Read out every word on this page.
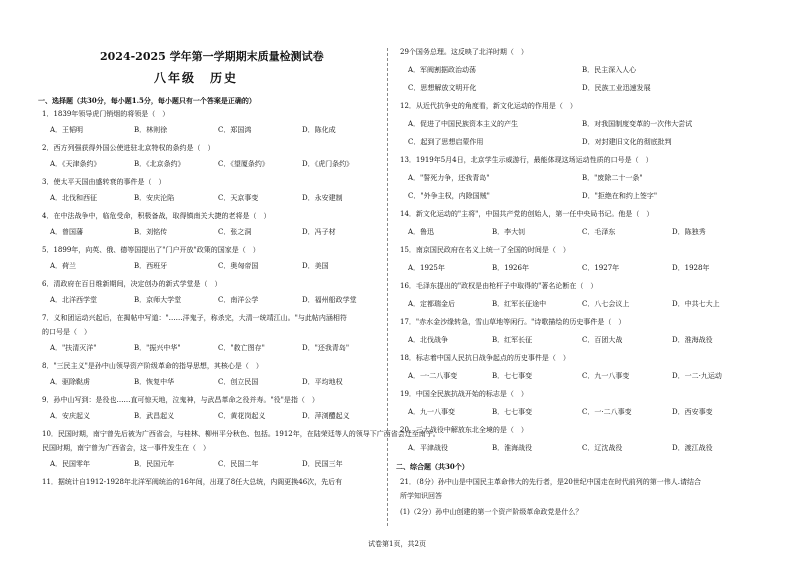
2024-2025 学年第一学期期末质量检测试卷
八年级　历史
一、选择题（共30分，每小题1.5分，每小题只有一个答案是正确的）
1．1839年领导虎门销烟的将领是（　）
A．王韬明	B．林则徐	C．郑国鸿	D．陈化成
2．西方列强获得外国公使进驻北京特权的条约是（　）
A．《天津条约》	B．《北京条约》	C．《望厦条约》	D．《虎门条约》
3．使太平天国由盛转衰的事件是（　）
A．北伐和西征	B．安庆沦陷	C．天京事变	D．永安建制
4．在中法战争中，临危受命，积极备战，取得镇南关大捷的老将是（　）
A．曾国藩	B．刘铭传	C．张之洞	D．冯子材
5．1899年，向英、俄、德等国提出了"门户开放"政策的国家是（　）
A．荷兰	B．西班牙	C．奥匈帝国	D．美国
6．清政府在百日维新期间，决定创办的新式学堂是（　）
A．北洋西学堂	B．京师大学堂	C．南洋公学	D．福州船政学堂
7．义和团运动兴起后，在揭帖中写道："……洋鬼子，称杀完，大清一统靖江山。"与此帖内涵相符
的口号是（　）
A．"扶清灭洋"	B．"振兴中华"	C．"救亡图存"	D．"还我青岛"
8．"三民主义"是孙中山领导资产阶级革命的指导思想，其核心是（　）
A．驱除鞑虏	B．恢复中华	C．创立民国	D．平均地权
9．孙中山写到：是役也……直可惊天地，泣鬼神，与武昌革命之役并寿。"役"是指（　）
A．安庆起义	B．武昌起义	C．黄花岗起义	D．萍浏醴起义
10．民国时期，南宁曾先后被为广西省会，与桂林、柳州平分秋色、包括。1912年，在陆荣廷等人的领导下广西省会迁至南宁。
民国时期，南宁曾为广西省会，这一事件发生在（　）
A．民国零年	B．民国元年	C．民国二年	D．民国三年
11．据统计自1912-1928年北洋军阀统治的16年间，出现了8任大总统，内阁更换46次，先后有
29个国务总理。这反映了北洋时期（　）
A．军阀割据政治动荡	B．民主深入人心
C．思想解放文明开化	D．民族工业迅速发展
12．从近代抗争史的角度看，新文化运动的作用是（　）
A．促进了中国民族资本主义的产生	B．对我国制度变革的一次伟大尝试
C．起到了思想启蒙作用	D．对封建旧文化的彻底批判
13．1919年5月4日，北京学生示威游行，最能体现这场运动性质的口号是（　）
A．"誓死力争，还我青岛"	B．"废除二十一条"
C．"外争主权，内除国贼"	D．"拒绝在和约上签字"
14．新文化运动的"主将"，中国共产党的创始人，第一任中央局书记。他是（　）
A．鲁迅	B．李大钊	C．毛泽东	D．陈独秀
15．南京国民政府在名义上统一了全国的时间是（　）
A．1925年	B．1926年	C．1927年	D．1928年
16．毛泽东提出的"政权是由枪杆子中取得的"著名论断在（　）
A．定都瑞金后	B．红军长征途中	C．八七会议上	D．中共七大上
17．"赤水金沙缘转急，雪山草地等闲行。"诗歌描绘的历史事件是（　）
A．北伐战争	B．红军长征	C．百团大战	D．淮海战役
18．标志着中国人民抗日战争起点的历史事件是（　）
A．一·二八事变	B．七七事变	C．九一八事变	D．一二·九运动
19．中国全民族抗战开始的标志是（　）
A．九一八事变	B．七七事变	C．一·二八事变	D．西安事变
20．三大战役中解放东北全境的是（　）
A．平津战役	B．淮海战役	C．辽沈战役	D．渡江战役
二、综合题（共30个）
21．（8分）孙中山是中国民主革命伟大的先行者，是20世纪中国走在时代前列的第一伟人.请结合
所学知识回答
(1)（2分）孙中山创建的第一个资产阶级革命政党是什么？
试卷第1页，共2页
